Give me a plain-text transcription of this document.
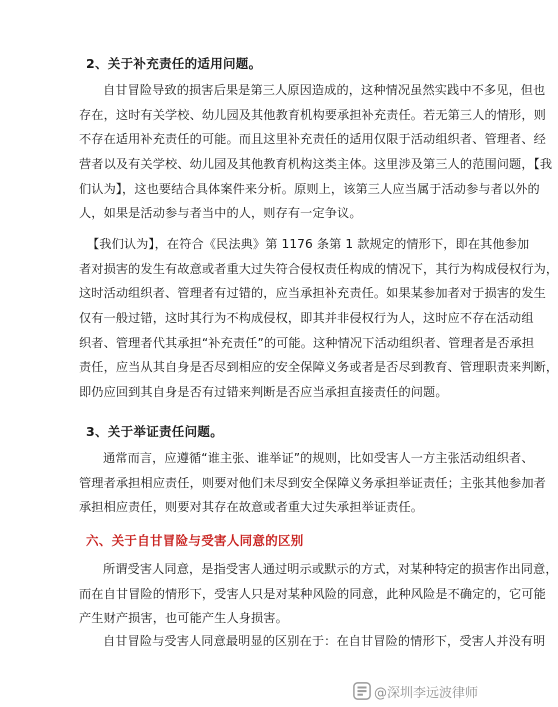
2、关于补充责任的适用问题。
自甘冒险导致的损害后果是第三人原因造成的，这种情况虽然实践中不多见，但也
存在，这时有关学校、幼儿园及其他教育机构要承担补充责任。若无第三人的情形，则
不存在适用补充责任的可能。而且这里补充责任的适用仅限于活动组织者、管理者、经
营者以及有关学校、幼儿园及其他教育机构这类主体。这里涉及第三人的范围问题，【我
们认为】，这也要结合具体案件来分析。原则上，该第三人应当属于活动参与者以外的
人，如果是活动参与者当中的人，则存有一定争议。
【我们认为】，在符合《民法典》第 1176 条第 1 款规定的情形下，即在其他参加
者对损害的发生有故意或者重大过失符合侵权责任构成的情况下，其行为构成侵权行为，
这时活动组织者、管理者有过错的，应当承担补充责任。如果某参加者对于损害的发生
仅有一般过错，这时其行为不构成侵权，即其并非侵权行为人，这时应不存在活动组
织者、管理者代其承担“补充责任”的可能。这种情况下活动组织者、管理者是否承担
责任，应当从其自身是否尽到相应的安全保障义务或者是否尽到教育、管理职责来判断，
即仍应回到其自身是否有过错来判断是否应当承担直接责任的问题。
3、关于举证责任问题。
通常而言，应遵循“谁主张、谁举证”的规则，比如受害人一方主张活动组织者、
管理者承担相应责任，则要对他们未尽到安全保障义务承担举证责任；主张其他参加者
承担相应责任，则要对其存在故意或者重大过失承担举证责任。
六、关于自甘冒险与受害人同意的区别
所谓受害人同意，是指受害人通过明示或默示的方式，对某种特定的损害作出同意，
而在自甘冒险的情形下，受害人只是对某种风险的同意，此种风险是不确定的，它可能
产生财产损害，也可能产生人身损害。
自甘冒险与受害人同意最明显的区别在于：在自甘冒险的情形下，受害人并没有明
@深圳李远波律师
